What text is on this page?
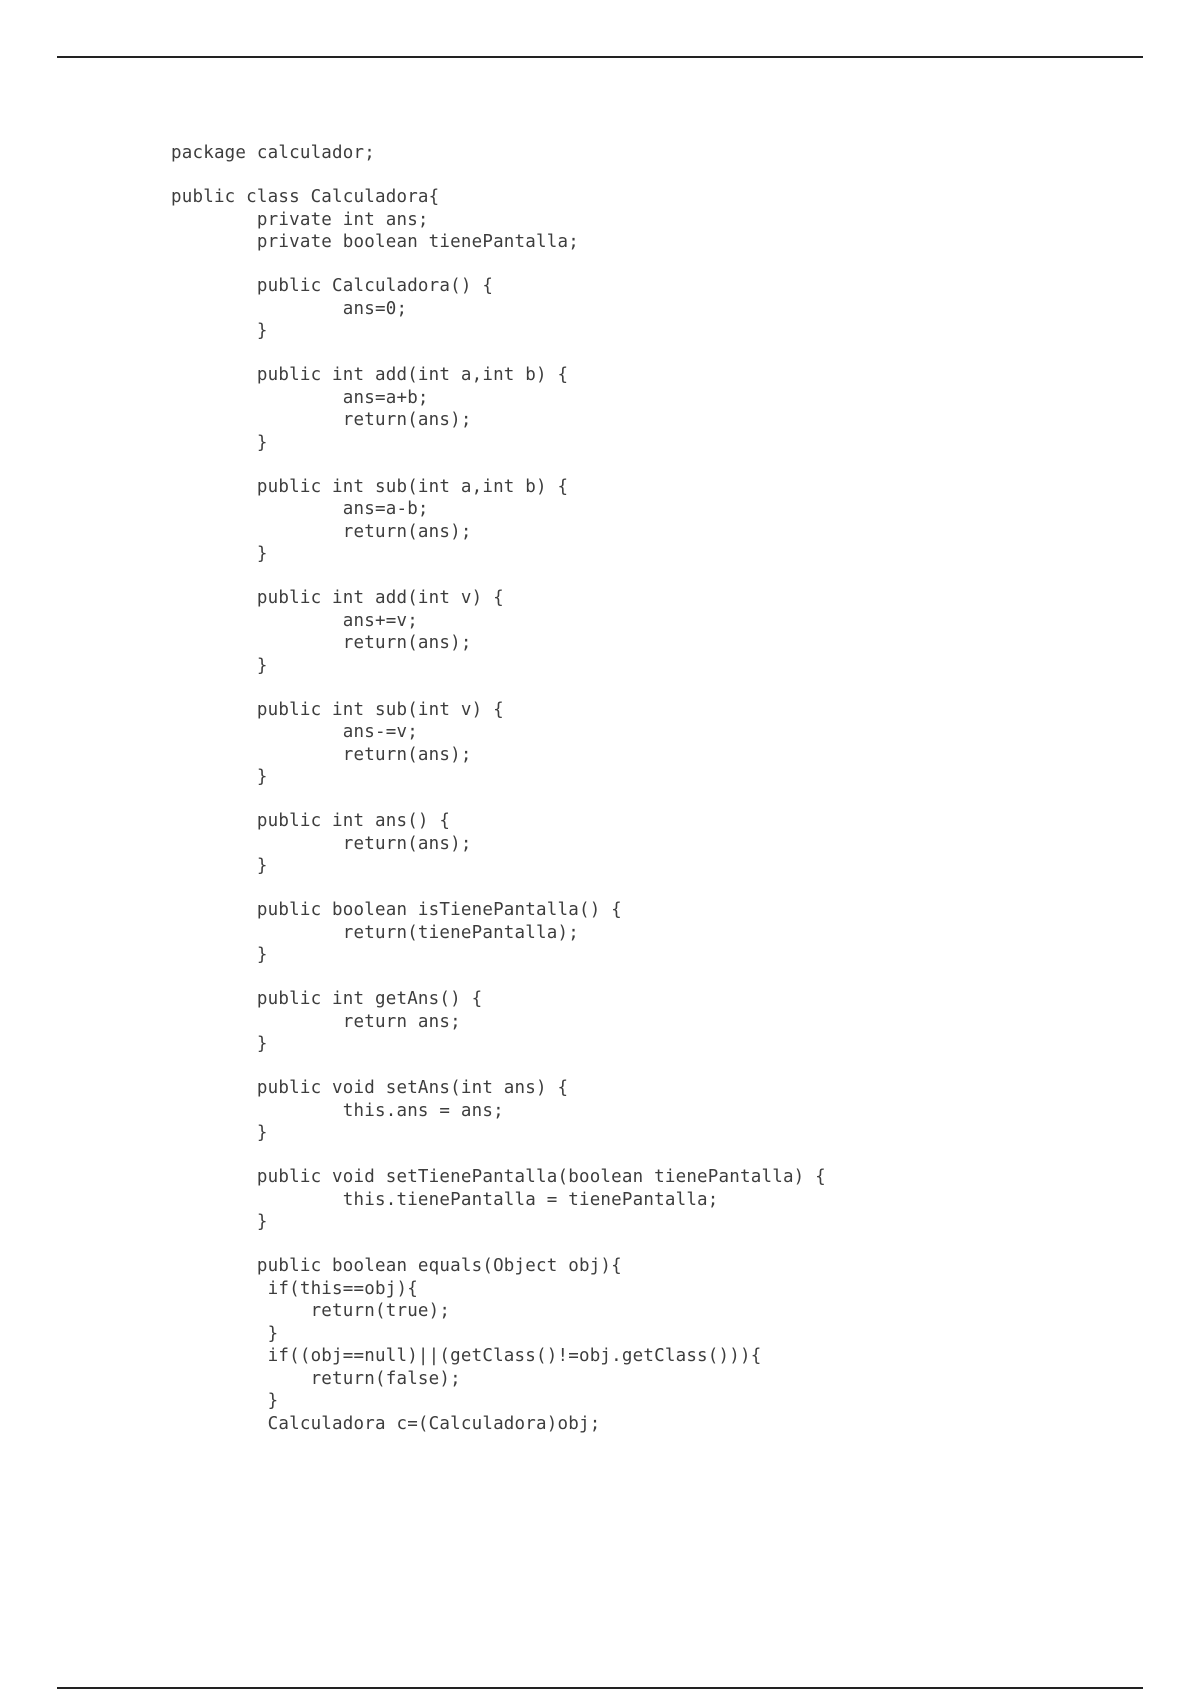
package calculador;
public class Calculadora{
private int ans;
private boolean tienePantalla;
public Calculadora() {
ans=0;
}
public int add(int a,int b) {
ans=a+b;
return(ans);
}
public int sub(int a,int b) {
ans=a-b;
return(ans);
}
public int add(int v) {
ans+=v;
return(ans);
}
public int sub(int v) {
ans-=v;
return(ans);
}
public int ans() {
return(ans);
}
public boolean isTienePantalla() {
return(tienePantalla);
}
public int getAns() {
return ans;
}
public void setAns(int ans) {
this.ans = ans;
}
public void setTienePantalla(boolean tienePantalla) {
this.tienePantalla = tienePantalla;
}
public boolean equals(Object obj){
if(this==obj){
return(true);
}
if((obj==null)||(getClass()!=obj.getClass())){
return(false);
}
Calculadora c=(Calculadora)obj;
